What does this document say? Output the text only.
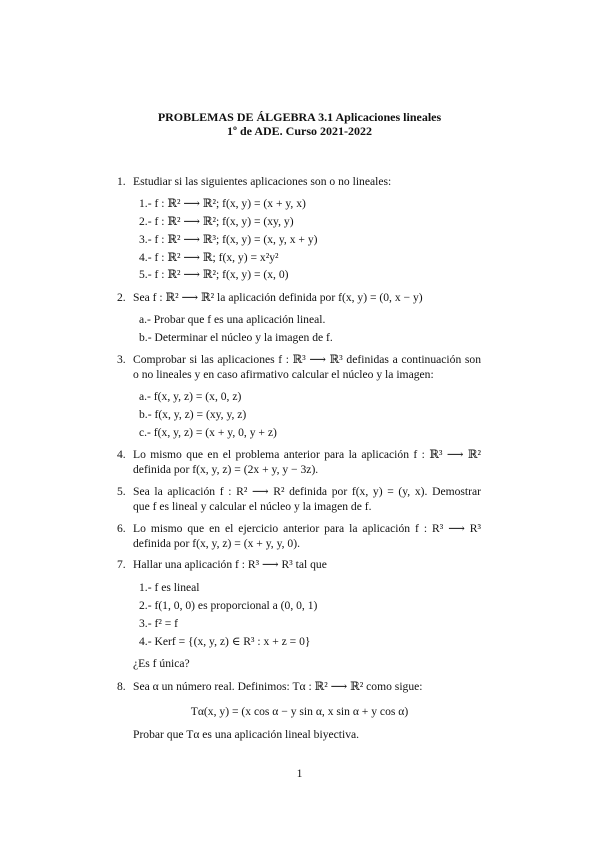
PROBLEMAS DE ÁLGEBRA 3.1 Aplicaciones lineales
1º de ADE. Curso 2021-2022
1. Estudiar si las siguientes aplicaciones son o no lineales:
1.- f : ℝ² ⟶ ℝ²; f(x, y) = (x + y, x)
2.- f : ℝ² ⟶ ℝ²; f(x, y) = (xy, y)
3.- f : ℝ² ⟶ ℝ³; f(x, y) = (x, y, x + y)
4.- f : ℝ² ⟶ ℝ; f(x, y) = x²y²
5.- f : ℝ² ⟶ ℝ²; f(x, y) = (x, 0)
2. Sea f : ℝ² ⟶ ℝ² la aplicación definida por f(x, y) = (0, x − y)
a.- Probar que f es una aplicación lineal.
b.- Determinar el núcleo y la imagen de f.
3. Comprobar si las aplicaciones f : ℝ³ ⟶ ℝ³ definidas a continuación son
o no lineales y en caso afirmativo calcular el núcleo y la imagen:
a.- f(x, y, z) = (x, 0, z)
b.- f(x, y, z) = (xy, y, z)
c.- f(x, y, z) = (x + y, 0, y + z)
4. Lo mismo que en el problema anterior para la aplicación f : ℝ³ ⟶ ℝ²
definida por f(x, y, z) = (2x + y, y − 3z).
5. Sea la aplicación f : R² ⟶ R² definida por f(x, y) = (y, x). Demostrar
que f es lineal y calcular el núcleo y la imagen de f.
6. Lo mismo que en el ejercicio anterior para la aplicación f : R³ ⟶ R³
definida por f(x, y, z) = (x + y, y, 0).
7. Hallar una aplicación f : R³ ⟶ R³ tal que
1.- f es lineal
2.- f(1, 0, 0) es proporcional a (0, 0, 1)
3.- f² = f
4.- Kerf = {(x, y, z) ∈ R³ : x + z = 0}
¿Es f única?
8. Sea α un número real. Definimos: Tα : ℝ² ⟶ ℝ² como sigue:
Tα(x, y) = (x cos α − y sin α, x sin α + y cos α)
Probar que Tα es una aplicación lineal biyectiva.
1
